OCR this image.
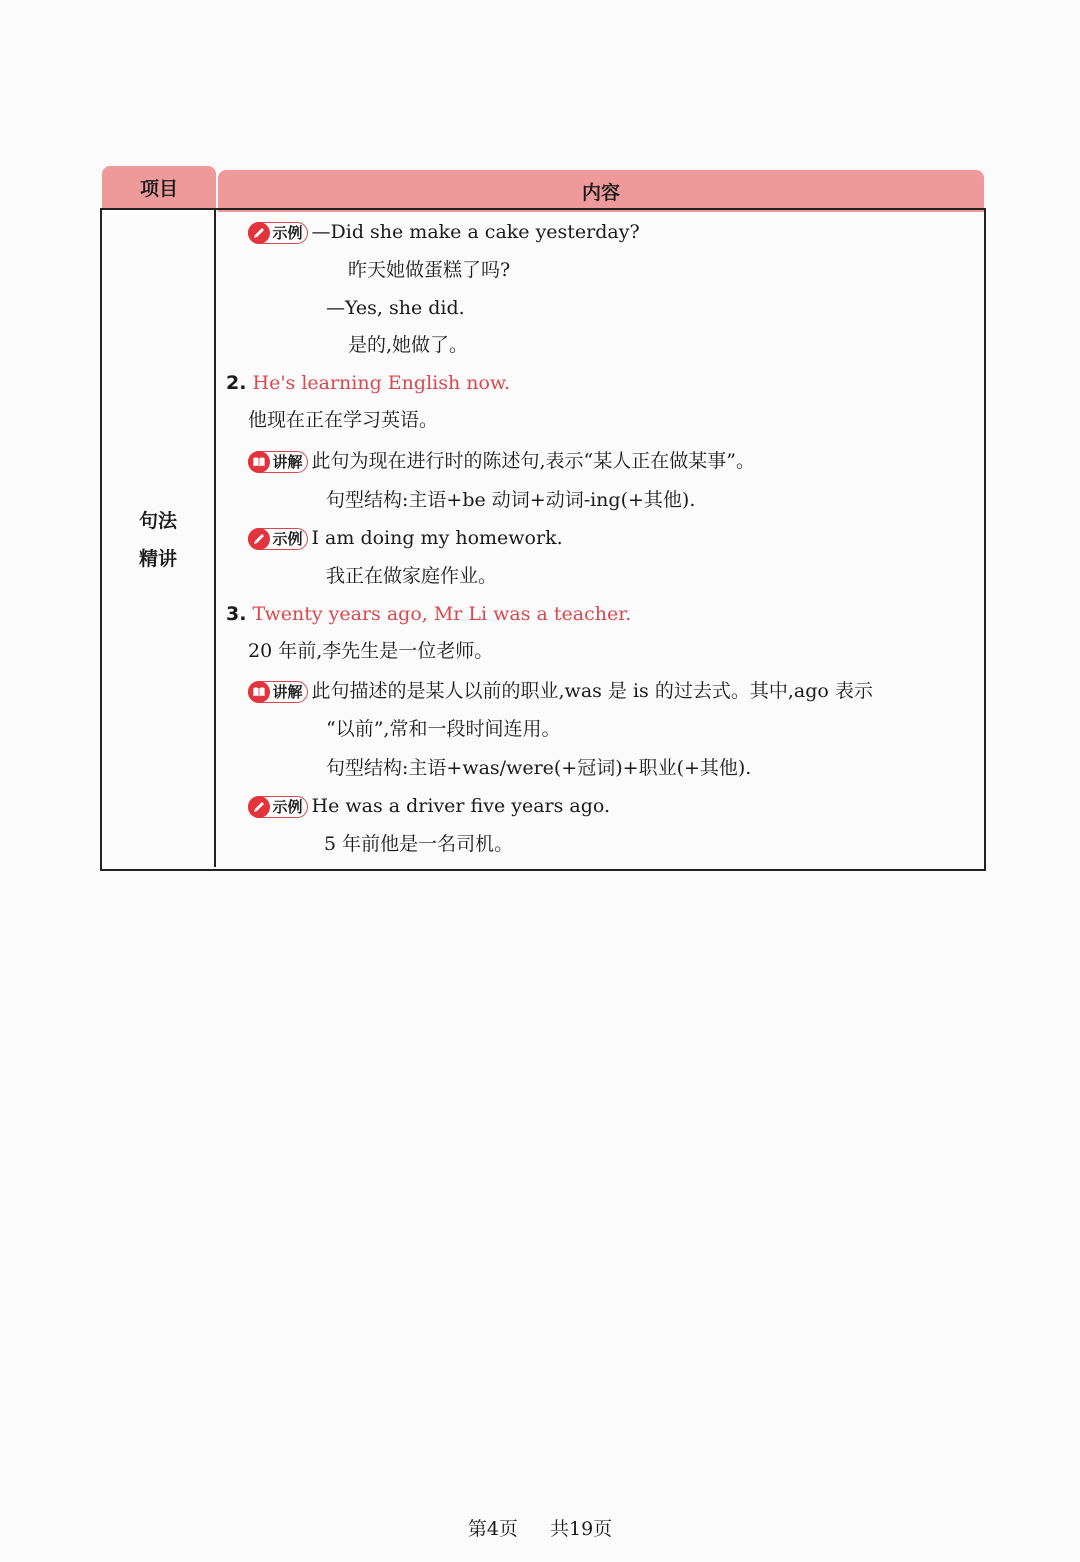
项目	内容
句法
精讲
示例 —Did she make a cake yesterday?
昨天她做蛋糕了吗?
—Yes, she did.
是的,她做了。
2. He's learning English now.
他现在正在学习英语。
讲解 此句为现在进行时的陈述句,表示“某人正在做某事”。
句型结构:主语+be 动词+动词-ing(+其他).
示例 I am doing my homework.
我正在做家庭作业。
3. Twenty years ago, Mr Li was a teacher.
20 年前,李先生是一位老师。
讲解 此句描述的是某人以前的职业,was 是 is 的过去式。其中,ago 表示
“以前”,常和一段时间连用。
句型结构:主语+was/were(+冠词)+职业(+其他).
示例 He was a driver five years ago.
5 年前他是一名司机。
第4页 共19页
